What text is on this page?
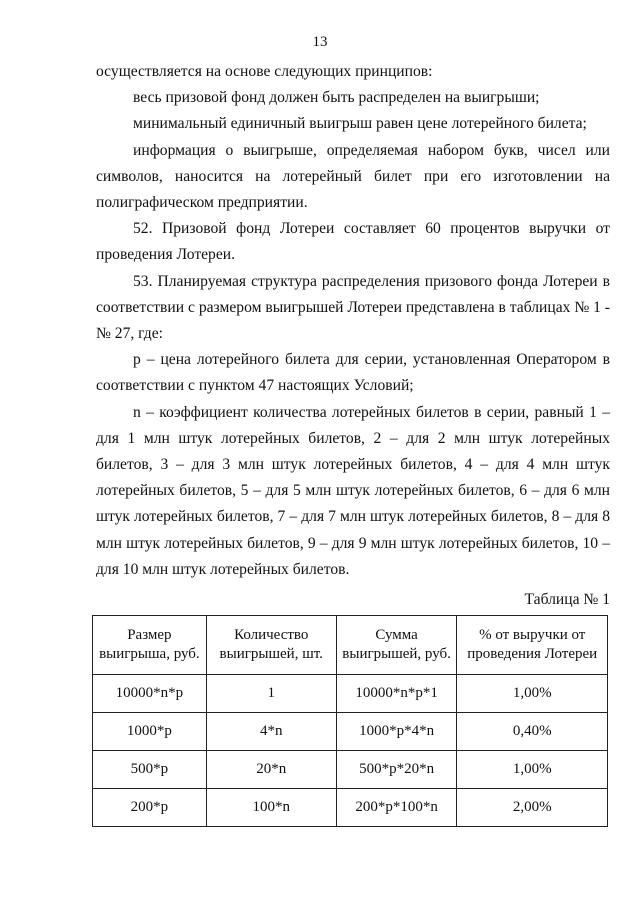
13

осуществляется на основе следующих принципов:

весь призовой фонд должен быть распределен на выигрыши;

минимальный единичный выигрыш равен цене лотерейного билета;

информация о выигрыше, определяемая набором букв, чисел или символов, наносится на лотерейный билет при его изготовлении на полиграфическом предприятии.

52. Призовой фонд Лотереи составляет 60 процентов выручки от проведения Лотереи.

53. Планируемая структура распределения призового фонда Лотереи в соответствии с размером выигрышей Лотереи представлена в таблицах № 1 - № 27, где:

p – цена лотерейного билета для серии, установленная Оператором в соответствии с пунктом 47 настоящих Условий;

n – коэффициент количества лотерейных билетов в серии, равный 1 – для 1 млн штук лотерейных билетов, 2 – для 2 млн штук лотерейных билетов, 3 – для 3 млн штук лотерейных билетов, 4 – для 4 млн штук лотерейных билетов, 5 – для 5 млн штук лотерейных билетов, 6 – для 6 млн штук лотерейных билетов, 7 – для 7 млн штук лотерейных билетов, 8 – для 8 млн штук лотерейных билетов, 9 – для 9 млн штук лотерейных билетов, 10 – для 10 млн штук лотерейных билетов.

Таблица № 1
Размер выигрыша, руб.	Количество выигрышей, шт.	Сумма выигрышей, руб.	% от выручки от проведения Лотереи
10000*n*p	1	10000*n*p*1	1,00%
1000*p	4*n	1000*p*4*n	0,40%
500*p	20*n	500*p*20*n	1,00%
200*p	100*n	200*p*100*n	2,00%
